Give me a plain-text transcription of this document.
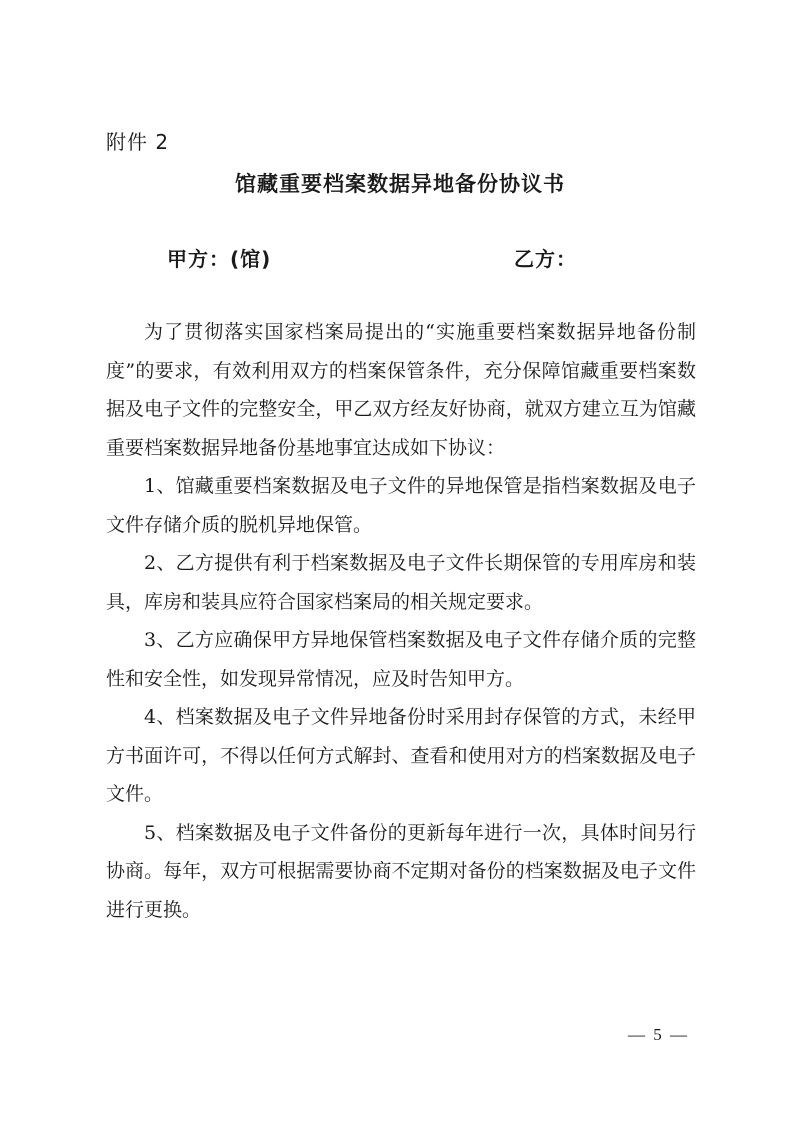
附件 2
馆藏重要档案数据异地备份协议书
甲方：(馆)	乙方：

为了贯彻落实国家档案局提出的“实施重要档案数据异地备份制度”的要求，有效利用双方的档案保管条件，充分保障馆藏重要档案数据及电子文件的完整安全，甲乙双方经友好协商，就双方建立互为馆藏重要档案数据异地备份基地事宜达成如下协议：

1、馆藏重要档案数据及电子文件的异地保管是指档案数据及电子文件存储介质的脱机异地保管。

2、乙方提供有利于档案数据及电子文件长期保管的专用库房和装具，库房和装具应符合国家档案局的相关规定要求。

3、乙方应确保甲方异地保管档案数据及电子文件存储介质的完整性和安全性，如发现异常情况，应及时告知甲方。

4、档案数据及电子文件异地备份时采用封存保管的方式，未经甲方书面许可，不得以任何方式解封、查看和使用对方的档案数据及电子文件。

5、档案数据及电子文件备份的更新每年进行一次，具体时间另行协商。每年，双方可根据需要协商不定期对备份的档案数据及电子文件进行更换。

— 5 —
